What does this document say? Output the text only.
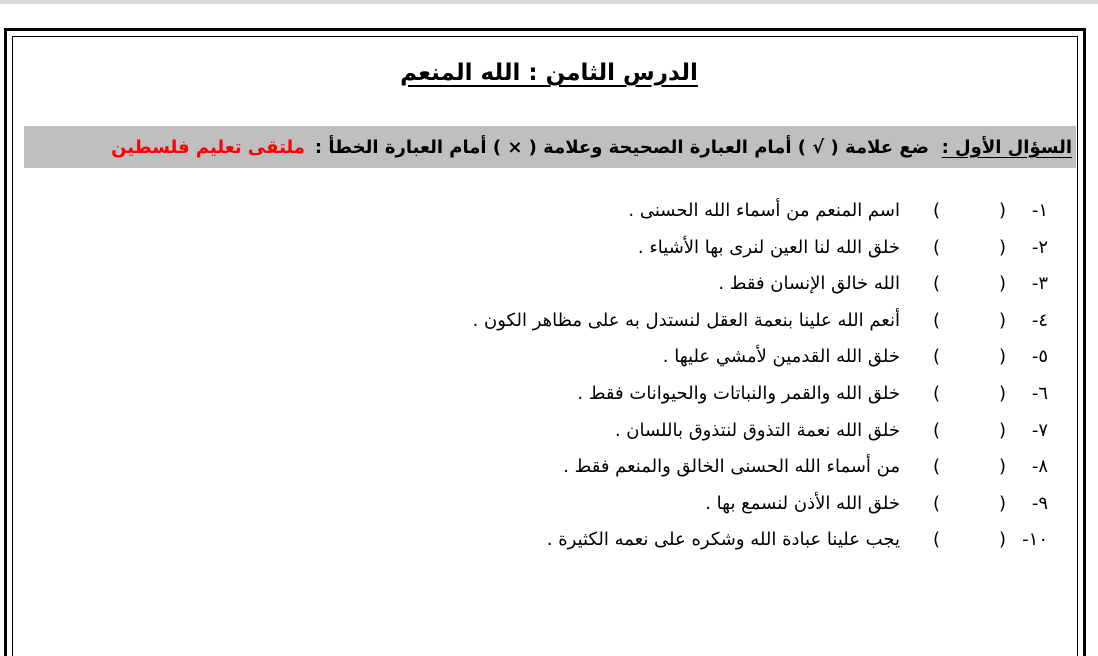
الدرس الثامن : الله المنعم
السؤال الأول :

ضع علامة ( √ ) أمام العبارة الصحيحة وعلامة ( × ) أمام العبارة الخطأ :
ملتقى تعليم فلسطين
١-
(
)
اسم المنعم من أسماء الله الحسنى .
٢-
(
)
خلق الله لنا العين لنرى بها الأشياء .
٣-
(
)
الله خالق الإنسان فقط .
٤-
(
)
أنعم الله علينا بنعمة العقل لنستدل به على مظاهر الكون .
٥-
(
)
خلق الله القدمين لأمشي عليها .
٦-
(
)
خلق الله والقمر والنباتات والحيوانات فقط .
٧-
(
)
خلق الله نعمة التذوق لنتذوق باللسان .
٨-
(
)
من أسماء الله الحسنى الخالق والمنعم فقط .
٩-
(
)
خلق الله الأذن لنسمع بها .
١٠-
(
)
يجب علينا عبادة الله وشكره على نعمه الكثيرة .
